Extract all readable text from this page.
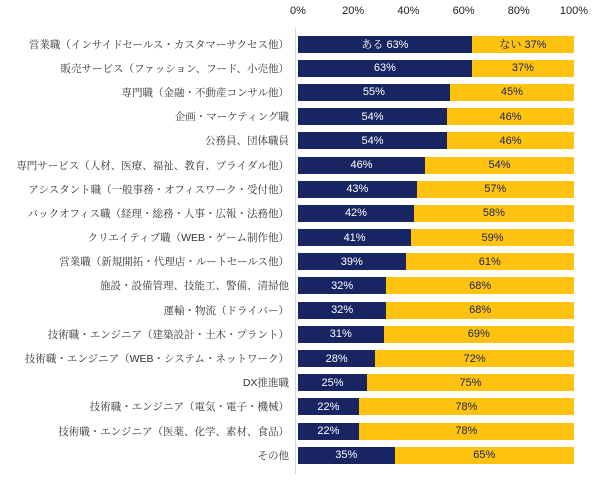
0%	20%	40%	60%	80%	100%
営業職（インサイドセールス・カスタマーサクセス他）	ある 63%	ない 37%
販売サービス（ファッション、フード、小売他）	63%	37%
専門職（金融・不動産コンサル他）	55%	45%
企画・マーケティング職	54%	46%
公務員、団体職員	54%	46%
専門サービス（人材、医療、福祉、教育、ブライダル他）	46%	54%
アシスタント職（一般事務・オフィスワーク・受付他）	43%	57%
バックオフィス職（経理・総務・人事・広報・法務他）	42%	58%
クリエイティブ職（WEB・ゲーム制作他）	41%	59%
営業職（新規開拓・代理店・ルートセールス他）	39%	61%
施設・設備管理、技能工、警備、清掃他	32%	68%
運輸・物流（ドライバー）	32%	68%
技術職・エンジニア（建築設計・土木・プラント）	31%	69%
技術職・エンジニア（WEB・システム・ネットワーク）	28%	72%
DX推進職	25%	75%
技術職・エンジニア（電気・電子・機械）	22%	78%
技術職・エンジニア（医薬、化学、素材、食品）	22%	78%
その他	35%	65%
